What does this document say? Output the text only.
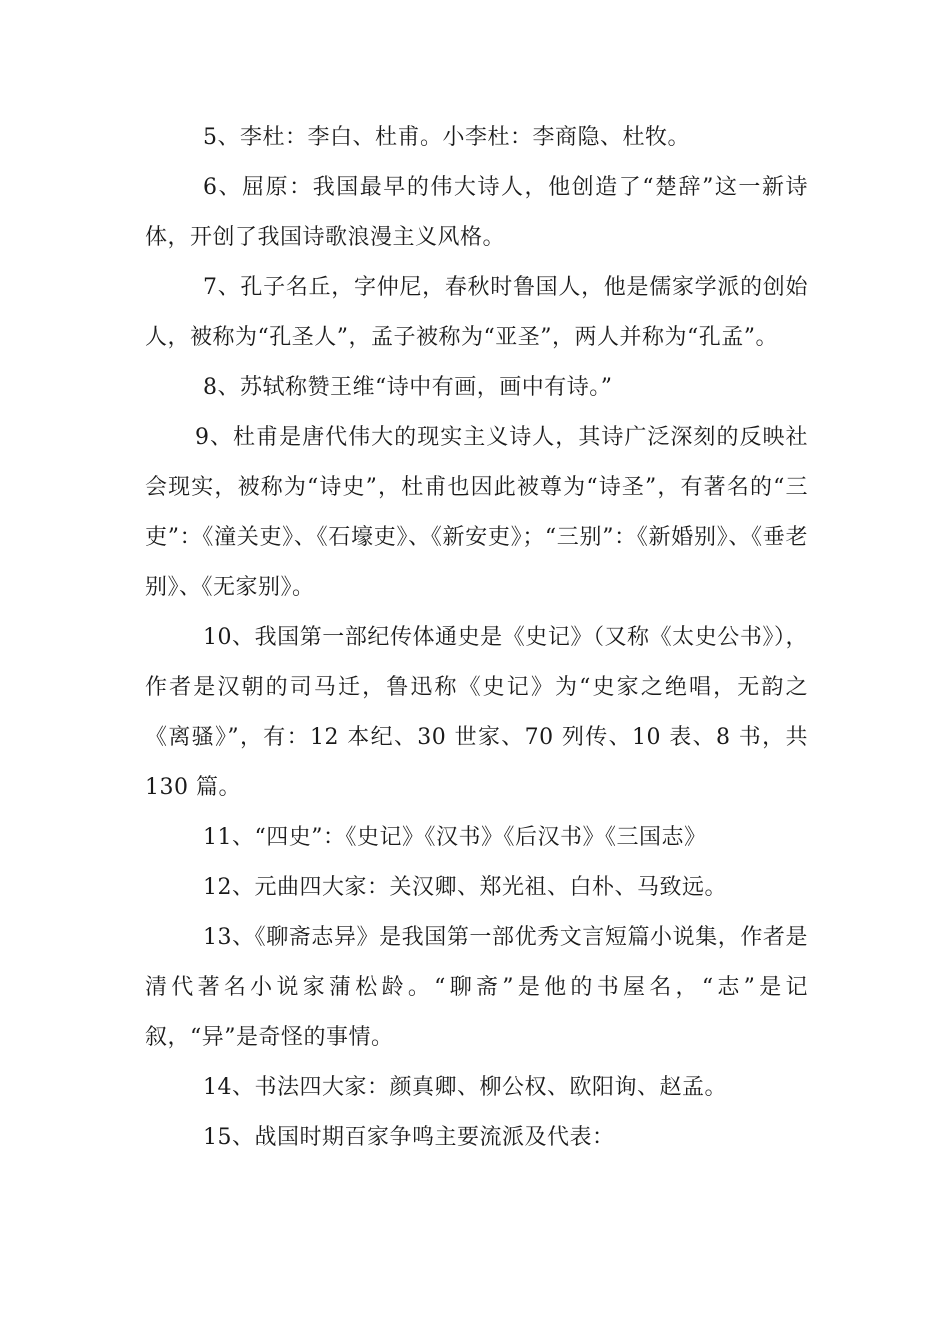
5、李杜：李白、杜甫。小李杜：李商隐、杜牧。

6、屈原：我国最早的伟大诗人，他创造了“楚辞”这一新诗体，开创了我国诗歌浪漫主义风格。

7、孔子名丘，字仲尼，春秋时鲁国人，他是儒家学派的创始人，被称为“孔圣人”，孟子被称为“亚圣”，两人并称为“孔孟”。

8、苏轼称赞王维“诗中有画，画中有诗。”

9、杜甫是唐代伟大的现实主义诗人，其诗广泛深刻的反映社会现实，被称为“诗史”，杜甫也因此被尊为“诗圣”，有著名的“三吏”：《潼关吏》、《石壕吏》、《新安吏》；“三别”：《新婚别》、《垂老别》、《无家别》。

10、我国第一部纪传体通史是《史记》（又称《太史公书》），作者是汉朝的司马迁，鲁迅称《史记》为“史家之绝唱，无韵之《离骚》”，有：12 本纪、30 世家、70 列传、10 表、8 书，共 130 篇。

11、“四史”：《史记》《汉书》《后汉书》《三国志》

12、元曲四大家：关汉卿、郑光祖、白朴、马致远。

13、《聊斋志异》是我国第一部优秀文言短篇小说集，作者是清代著名小说家蒲松龄。“聊斋”是他的书屋名，“志”是记叙，“异”是奇怪的事情。

14、书法四大家：颜真卿、柳公权、欧阳询、赵孟。

15、战国时期百家争鸣主要流派及代表：
